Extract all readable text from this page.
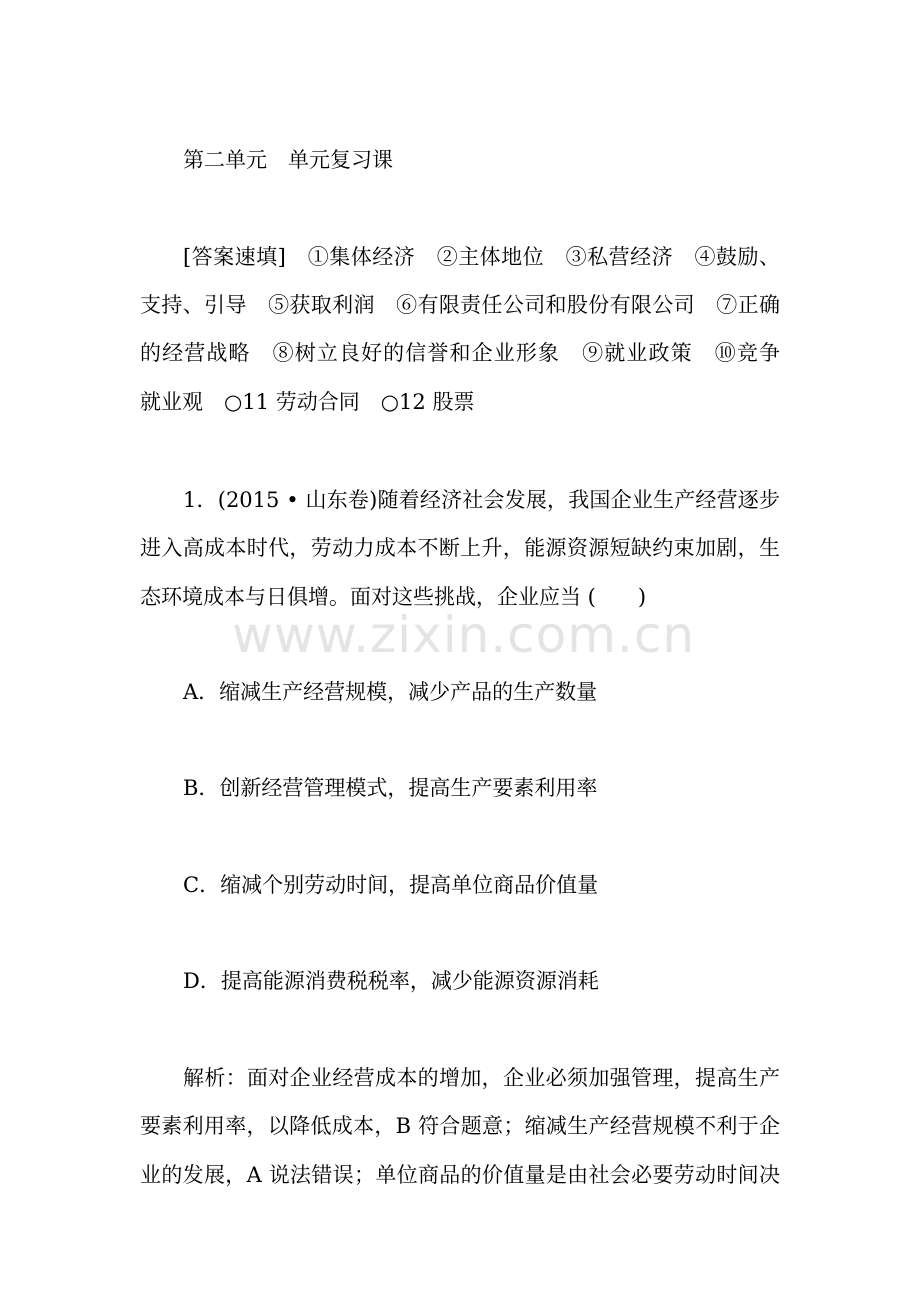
第二单元　单元复习课
[答案速填]　①集体经济　②主体地位　③私营经济　④鼓励、
支持、引导　⑤获取利润　⑥有限责任公司和股份有限公司　⑦正确
的经营战略　⑧树立良好的信誉和企业形象　⑨就业政策　⑩竞争
就业观　○11 劳动合同　○12 股票
1．(2015 • 山东卷)随着经济社会发展，我国企业生产经营逐步
进入高成本时代，劳动力成本不断上升，能源资源短缺约束加剧，生
态环境成本与日俱增。面对这些挑战，企业应当 (　　)
www.zixin.com.cn
A．缩减生产经营规模，减少产品的生产数量
B．创新经营管理模式，提高生产要素利用率
C．缩减个别劳动时间，提高单位商品价值量
D．提高能源消费税税率，减少能源资源消耗
解析：面对企业经营成本的增加，企业必须加强管理，提高生产
要素利用率，以降低成本，B 符合题意；缩减生产经营规模不利于企
业的发展，A 说法错误；单位商品的价值量是由社会必要劳动时间决
